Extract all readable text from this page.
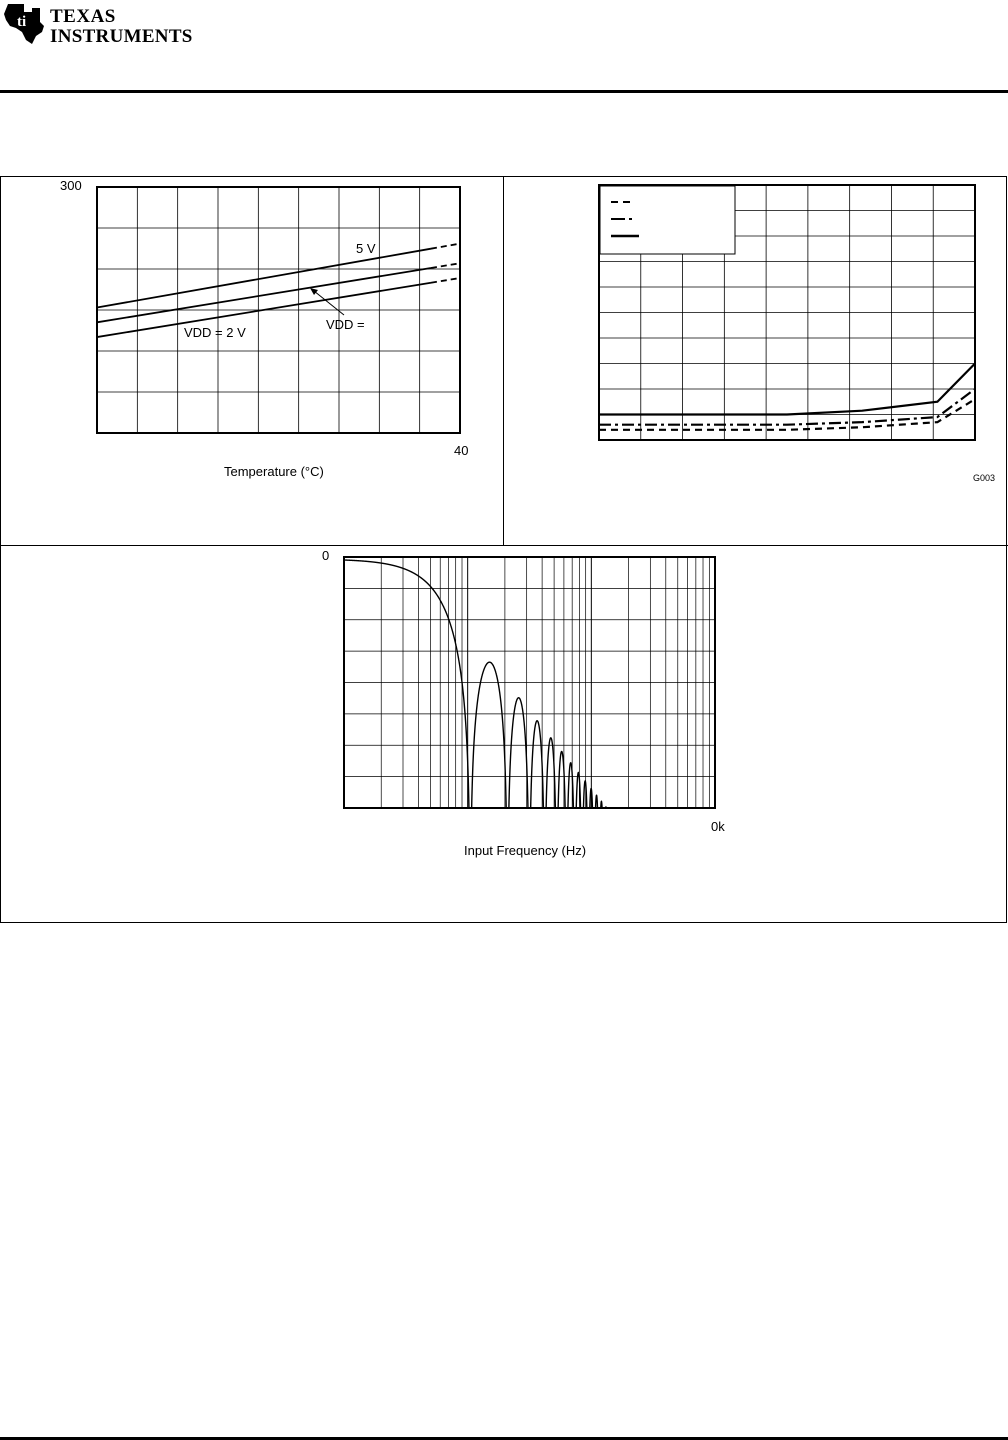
ti TEXAS
INSTRUMENTS
300
40
Temperature (°C)
5 V
VDD =
VDD = 2 V
G003
0
0k
Input Frequency (Hz)
